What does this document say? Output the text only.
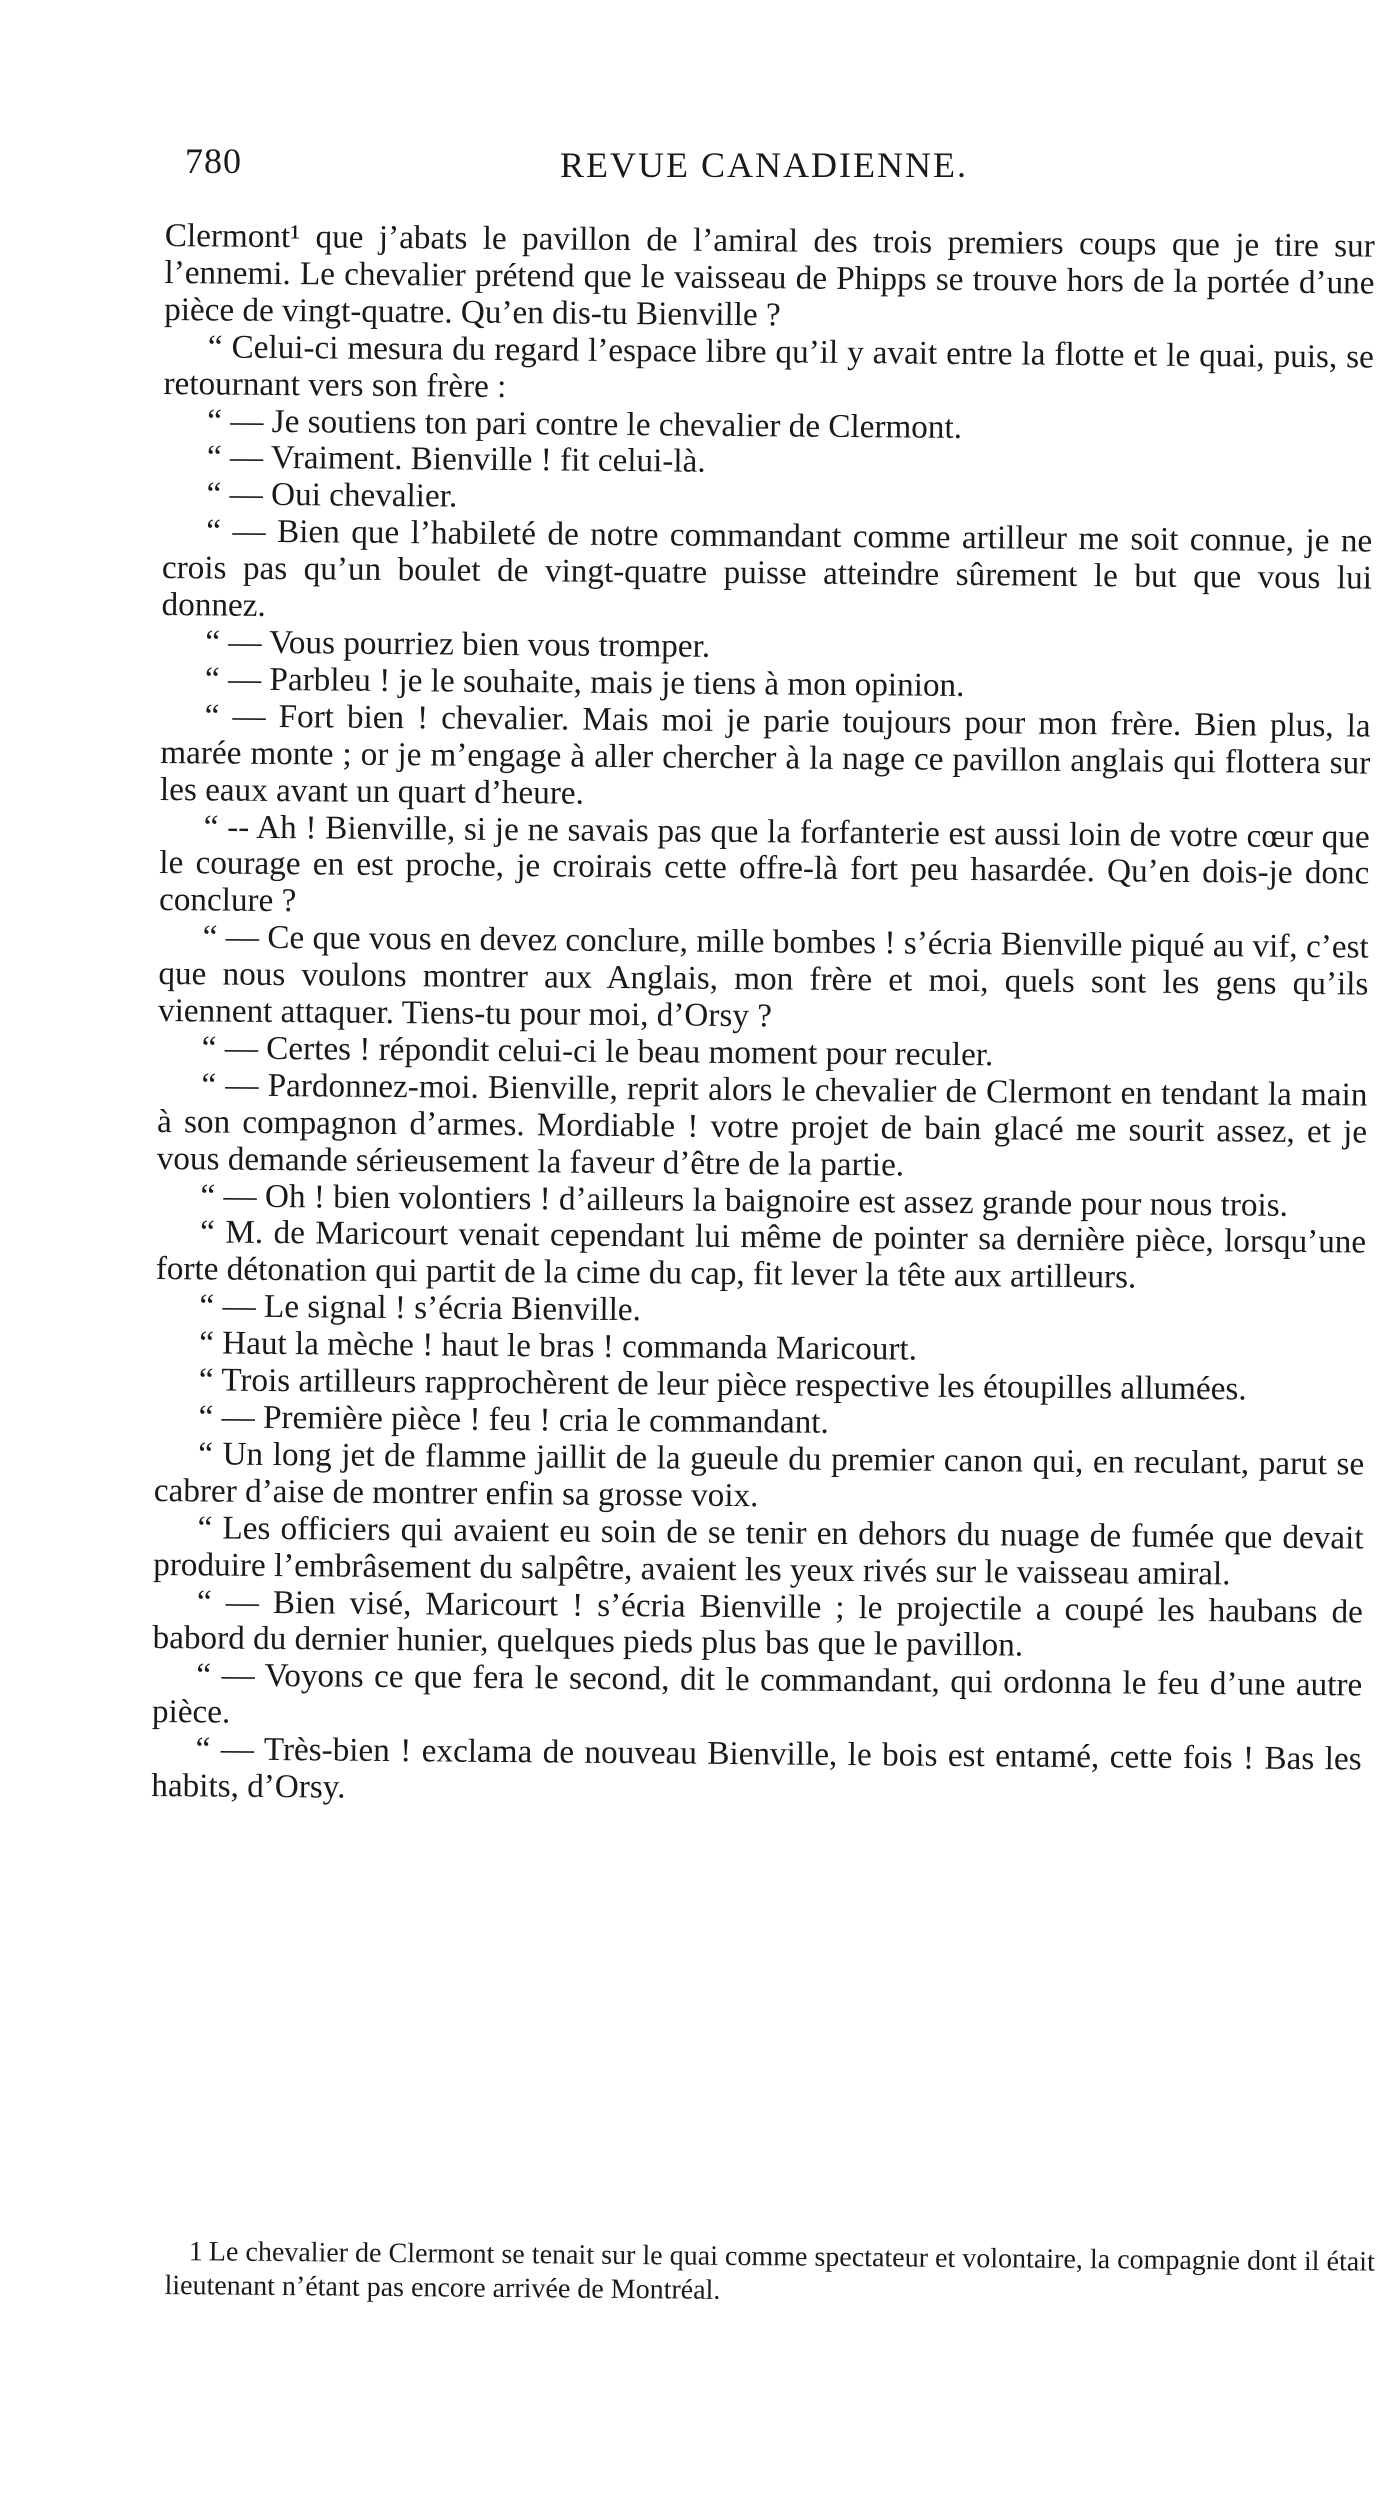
780	REVUE CANADIENNE.

Clermont¹ que j’abats le pavillon de l’amiral des trois premiers coups que je tire sur l’ennemi. Le chevalier prétend que le vaisseau de Phipps se trouve hors de la portée d’une pièce de vingt-quatre. Qu’en dis-tu Bienville ?

“ Celui-ci mesura du regard l’espace libre qu’il y avait entre la flotte et le quai, puis, se retournant vers son frère :

“ — Je soutiens ton pari contre le chevalier de Clermont.

“ — Vraiment. Bienville ! fit celui-là.

“ — Oui chevalier.

“ — Bien que l’habileté de notre commandant comme artilleur me soit connue, je ne crois pas qu’un boulet de vingt-quatre puisse atteindre sûrement le but que vous lui donnez.

“ — Vous pourriez bien vous tromper.

“ — Parbleu ! je le souhaite, mais je tiens à mon opinion.

“ — Fort bien ! chevalier. Mais moi je parie toujours pour mon frère. Bien plus, la marée monte ; or je m’engage à aller chercher à la nage ce pavillon anglais qui flottera sur les eaux avant un quart d’heure.

“ -- Ah ! Bienville, si je ne savais pas que la forfanterie est aussi loin de votre cœur que le courage en est proche, je croirais cette offre-là fort peu hasardée. Qu’en dois-je donc conclure ?

“ — Ce que vous en devez conclure, mille bombes ! s’écria Bienville piqué au vif, c’est que nous voulons montrer aux Anglais, mon frère et moi, quels sont les gens qu’ils viennent attaquer. Tiens-tu pour moi, d’Orsy ?

“ — Certes ! répondit celui-ci le beau moment pour reculer.

“ — Pardonnez-moi. Bienville, reprit alors le chevalier de Clermont en tendant la main à son compagnon d’armes. Mordiable ! votre projet de bain glacé me sourit assez, et je vous demande sérieusement la faveur d’être de la partie.

“ — Oh ! bien volontiers ! d’ailleurs la baignoire est assez grande pour nous trois.

“ M. de Maricourt venait cependant lui même de pointer sa dernière pièce, lorsqu’une forte détonation qui partit de la cime du cap, fit lever la tête aux artilleurs.

“ — Le signal ! s’écria Bienville.

“ Haut la mèche ! haut le bras ! commanda Maricourt.

“ Trois artilleurs rapprochèrent de leur pièce respective les étoupilles allumées.

“ — Première pièce ! feu ! cria le commandant.

“ Un long jet de flamme jaillit de la gueule du premier canon qui, en reculant, parut se cabrer d’aise de montrer enfin sa grosse voix.

“ Les officiers qui avaient eu soin de se tenir en dehors du nuage de fumée que devait produire l’embrâsement du salpêtre, avaient les yeux rivés sur le vaisseau amiral.

“ — Bien visé, Maricourt ! s’écria Bienville ; le projectile a coupé les haubans de babord du dernier hunier, quelques pieds plus bas que le pavillon.

“ — Voyons ce que fera le second, dit le commandant, qui ordonna le feu d’une autre pièce.

“ — Très-bien ! exclama de nouveau Bienville, le bois est entamé, cette fois ! Bas les habits, d’Orsy.

1 Le chevalier de Clermont se tenait sur le quai comme spectateur et volontaire, la compagnie dont il était lieutenant n’étant pas encore arrivée de Montréal.
